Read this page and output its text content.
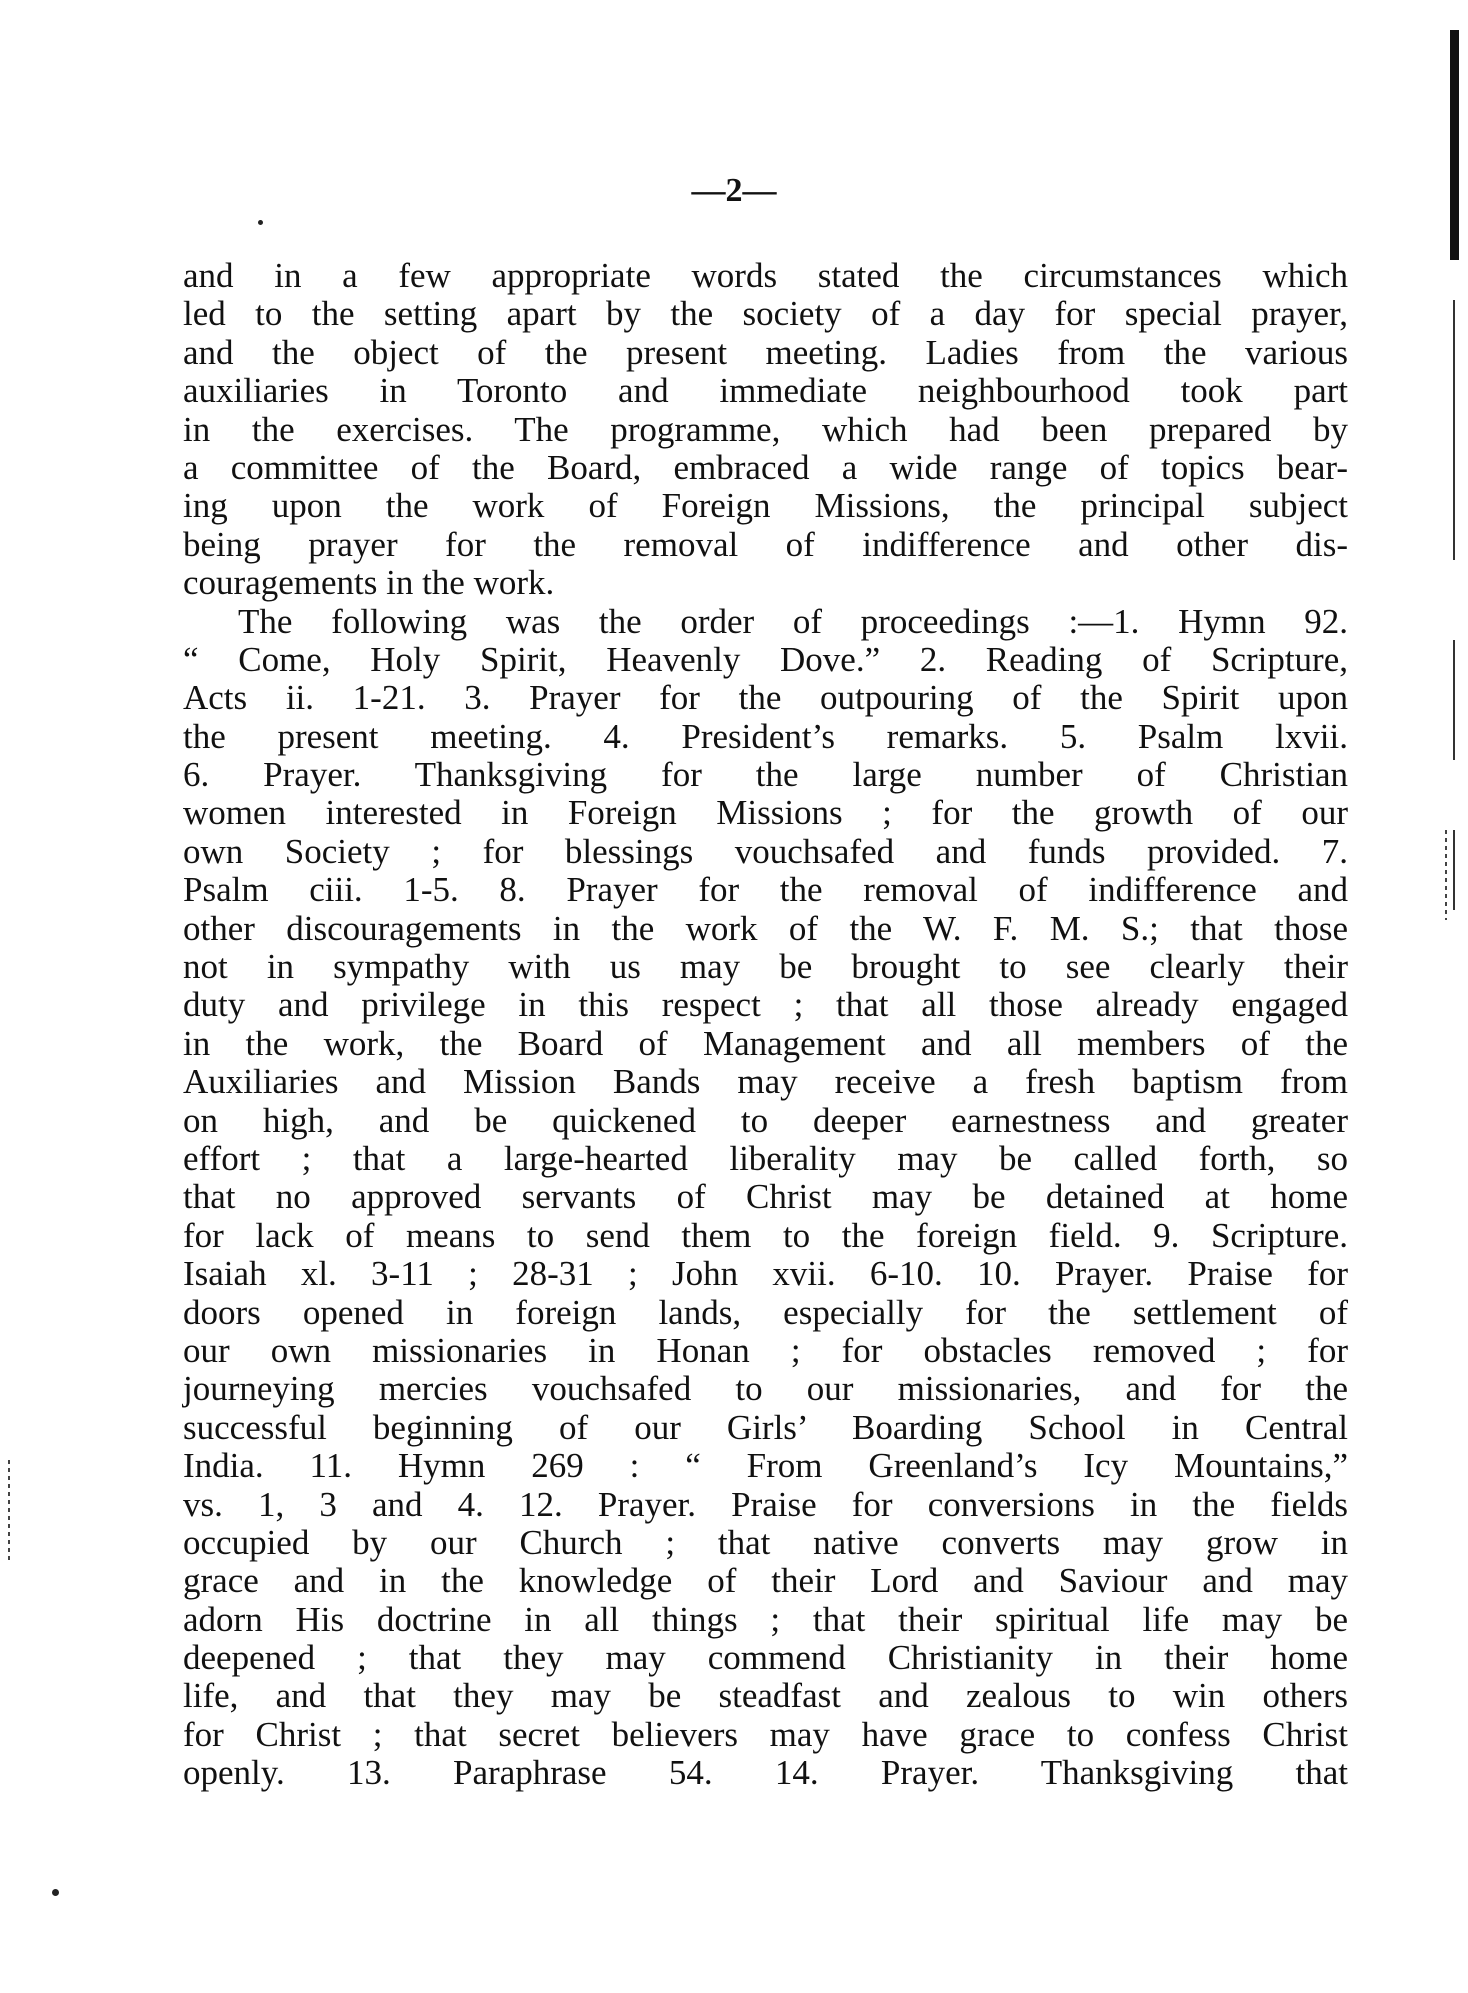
—2—
and in a few appropriate words stated the circumstances which
led to the setting apart by the society of a day for special prayer,
and the object of the present meeting. Ladies from the various
auxiliaries in Toronto and immediate neighbourhood took part
in the exercises. The programme, which had been prepared by
a committee of the Board, embraced a wide range of topics bear-
ing upon the work of Foreign Missions, the principal subject
being prayer for the removal of indifference and other dis-
couragements in the work.
The following was the order of proceedings :—1. Hymn 92.
“ Come, Holy Spirit, Heavenly Dove.” 2. Reading of Scripture,
Acts ii. 1-21. 3. Prayer for the outpouring of the Spirit upon
the present meeting. 4. President’s remarks. 5. Psalm lxvii.
6. Prayer. Thanksgiving for the large number of Christian
women interested in Foreign Missions ; for the growth of our
own Society ; for blessings vouchsafed and funds provided. 7.
Psalm ciii. 1-5. 8. Prayer for the removal of indifference and
other discouragements in the work of the W. F. M. S.; that those
not in sympathy with us may be brought to see clearly their
duty and privilege in this respect ; that all those already engaged
in the work, the Board of Management and all members of the
Auxiliaries and Mission Bands may receive a fresh baptism from
on high, and be quickened to deeper earnestness and greater
effort ; that a large-hearted liberality may be called forth, so
that no approved servants of Christ may be detained at home
for lack of means to send them to the foreign field. 9. Scripture.
Isaiah xl. 3-11 ; 28-31 ; John xvii. 6-10. 10. Prayer. Praise for
doors opened in foreign lands, especially for the settlement of
our own missionaries in Honan ; for obstacles removed ; for
journeying mercies vouchsafed to our missionaries, and for the
successful beginning of our Girls’ Boarding School in Central
India. 11. Hymn 269 : “ From Greenland’s Icy Mountains,”
vs. 1, 3 and 4. 12. Prayer. Praise for conversions in the fields
occupied by our Church ; that native converts may grow in
grace and in the knowledge of their Lord and Saviour and may
adorn His doctrine in all things ; that their spiritual life may be
deepened ; that they may commend Christianity in their home
life, and that they may be steadfast and zealous to win others
for Christ ; that secret believers may have grace to confess Christ
openly. 13. Paraphrase 54. 14. Prayer. Thanksgiving that
